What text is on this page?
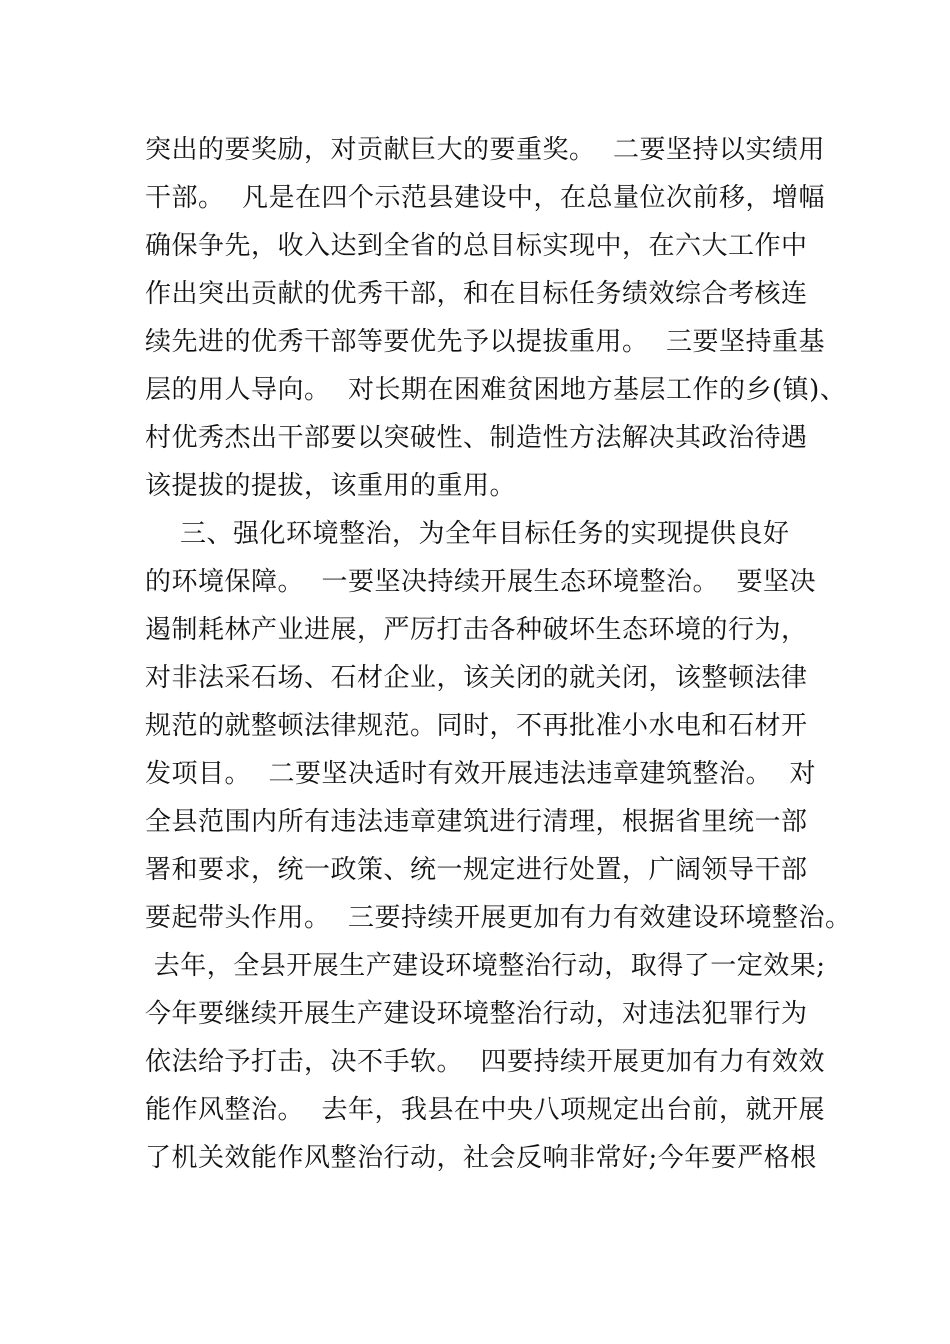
突出的要奖励，对贡献巨大的要重奖。  二要坚持以实绩用
干部。  凡是在四个示范县建设中，在总量位次前移，增幅
确保争先，收入达到全省的总目标实现中，在六大工作中
作出突出贡献的优秀干部，和在目标任务绩效综合考核连
续先进的优秀干部等要优先予以提拔重用。  三要坚持重基
层的用人导向。  对长期在困难贫困地方基层工作的乡(镇)、
村优秀杰出干部要以突破性、制造性方法解决其政治待遇
该提拔的提拔，该重用的重用。
三、强化环境整治，为全年目标任务的实现提供良好
的环境保障。  一要坚决持续开展生态环境整治。  要坚决
遏制耗林产业进展，严厉打击各种破坏生态环境的行为，
对非法采石场、石材企业，该关闭的就关闭，该整顿法律
规范的就整顿法律规范。同时，不再批准小水电和石材开
发项目。  二要坚决适时有效开展违法违章建筑整治。  对
全县范围内所有违法违章建筑进行清理，根据省里统一部
署和要求，统一政策、统一规定进行处置，广阔领导干部
要起带头作用。  三要持续开展更加有力有效建设环境整治。
去年，全县开展生产建设环境整治行动，取得了一定效果;
今年要继续开展生产建设环境整治行动，对违法犯罪行为
依法给予打击，决不手软。  四要持续开展更加有力有效效
能作风整治。  去年，我县在中央八项规定出台前，就开展
了机关效能作风整治行动，社会反响非常好;今年要严格根
